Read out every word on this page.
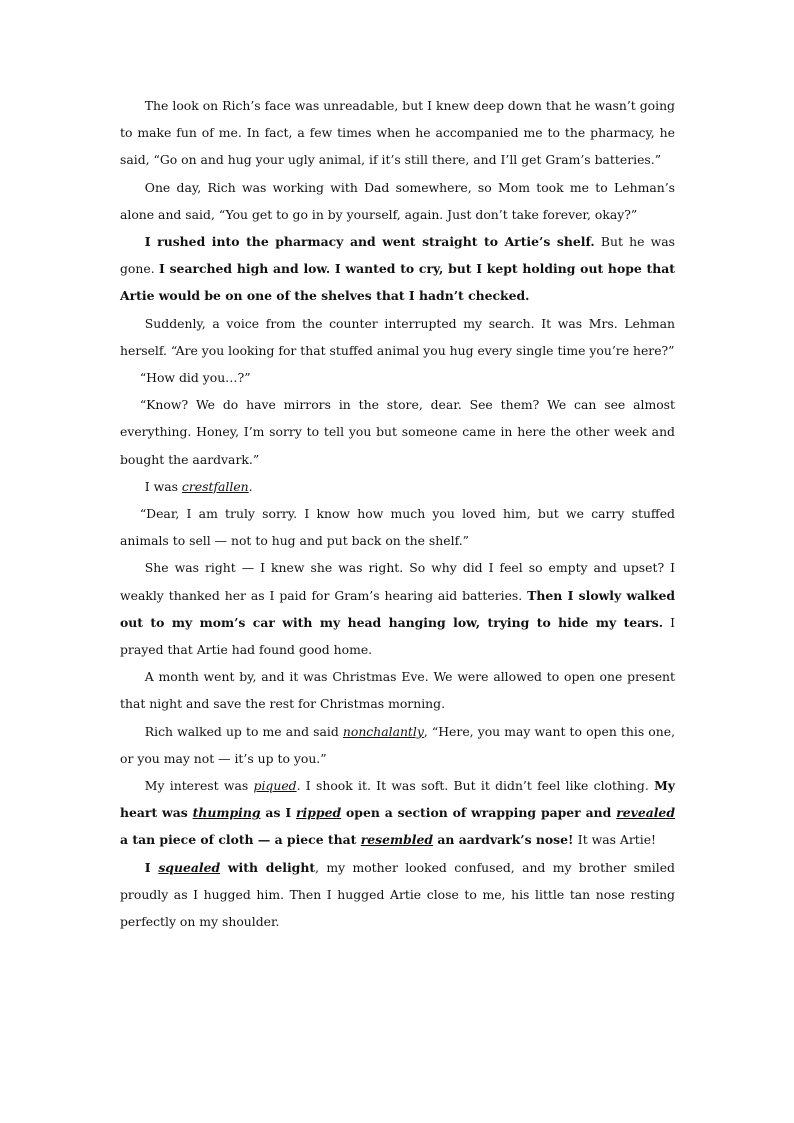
The look on Rich’s face was unreadable, but I knew deep down that he wasn’t going to make fun of me. In fact, a few times when he accompanied me to the pharmacy, he said, “Go on and hug your ugly animal, if it’s still there, and I’ll get Gram’s batteries.”

One day, Rich was working with Dad somewhere, so Mom took me to Lehman’s alone and said, “You get to go in by yourself, again. Just don’t take forever, okay?”

I rushed into the pharmacy and went straight to Artie’s shelf. But he was gone. I searched high and low. I wanted to cry, but I kept holding out hope that Artie would be on one of the shelves that I hadn’t checked.

Suddenly, a voice from the counter interrupted my search. It was Mrs. Lehman herself. “Are you looking for that stuffed animal you hug every single time you’re here?”

“How did you…?”

“Know? We do have mirrors in the store, dear. See them? We can see almost everything. Honey, I’m sorry to tell you but someone came in here the other week and bought the aardvark.”

I was crestfallen.

“Dear, I am truly sorry. I know how much you loved him, but we carry stuffed animals to sell — not to hug and put back on the shelf.”

She was right — I knew she was right. So why did I feel so empty and upset? I weakly thanked her as I paid for Gram’s hearing aid batteries. Then I slowly walked out to my mom’s car with my head hanging low, trying to hide my tears. I prayed that Artie had found good home.

A month went by, and it was Christmas Eve. We were allowed to open one present that night and save the rest for Christmas morning.

Rich walked up to me and said nonchalantly, “Here, you may want to open this one, or you may not — it’s up to you.”

My interest was piqued. I shook it. It was soft. But it didn’t feel like clothing. My heart was thumping as I ripped open a section of wrapping paper and revealed a tan piece of cloth — a piece that resembled an aardvark’s nose! It was Artie!

I squealed with delight, my mother looked confused, and my brother smiled proudly as I hugged him. Then I hugged Artie close to me, his little tan nose resting perfectly on my shoulder.
